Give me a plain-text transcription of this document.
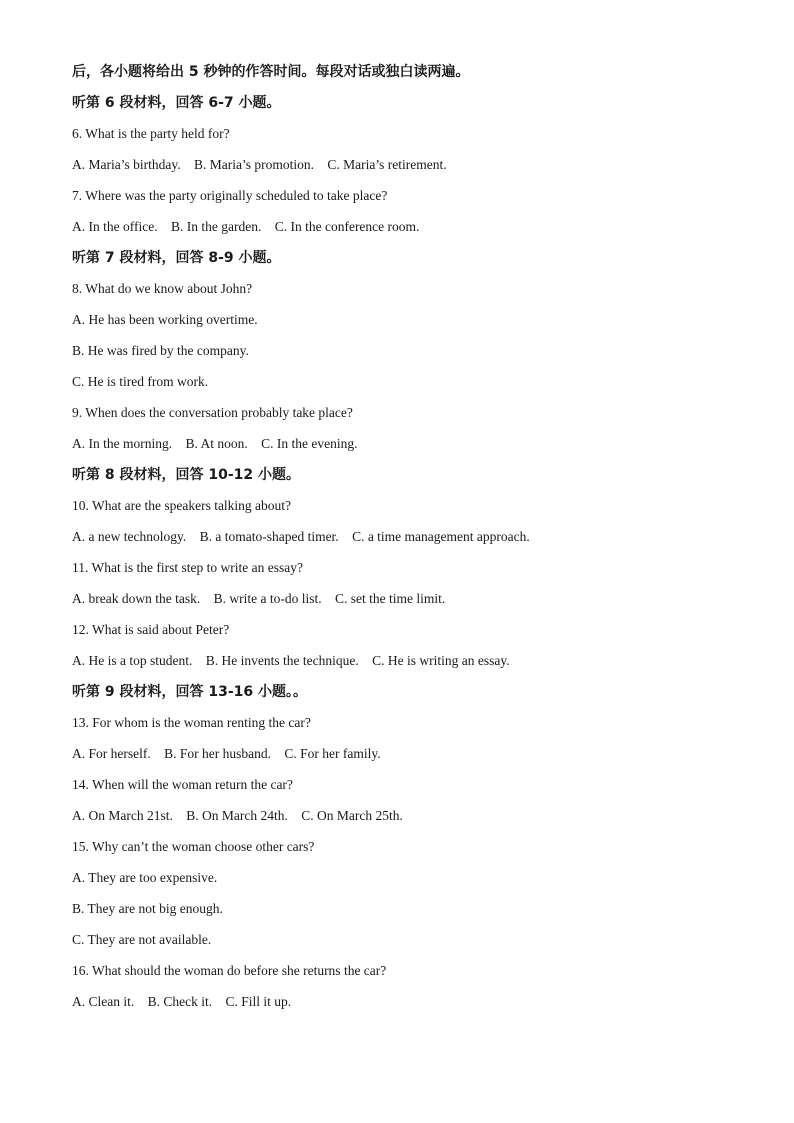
后，各小题将给出 5 秒钟的作答时间。每段对话或独白读两遍。
听第 6 段材料，回答 6-7 小题。
6. What is the party held for?
A. Maria’s birthday. B. Maria’s promotion. C. Maria’s retirement.
7. Where was the party originally scheduled to take place?
A. In the office. B. In the garden. C. In the conference room.
听第 7 段材料，回答 8-9 小题。
8. What do we know about John?
A. He has been working overtime.
B. He was fired by the company.
C. He is tired from work.
9. When does the conversation probably take place?
A. In the morning. B. At noon. C. In the evening.
听第 8 段材料，回答 10-12 小题。
10. What are the speakers talking about?
A. a new technology. B. a tomato-shaped timer. C. a time management approach.
11. What is the first step to write an essay?
A. break down the task. B. write a to-do list. C. set the time limit.
12. What is said about Peter?
A. He is a top student. B. He invents the technique. C. He is writing an essay.
听第 9 段材料，回答 13-16 小题。。
13. For whom is the woman renting the car?
A. For herself. B. For her husband. C. For her family.
14. When will the woman return the car?
A. On March 21st. B. On March 24th. C. On March 25th.
15. Why can’t the woman choose other cars?
A. They are too expensive.
B. They are not big enough.
C. They are not available.
16. What should the woman do before she returns the car?
A. Clean it. B. Check it. C. Fill it up.
